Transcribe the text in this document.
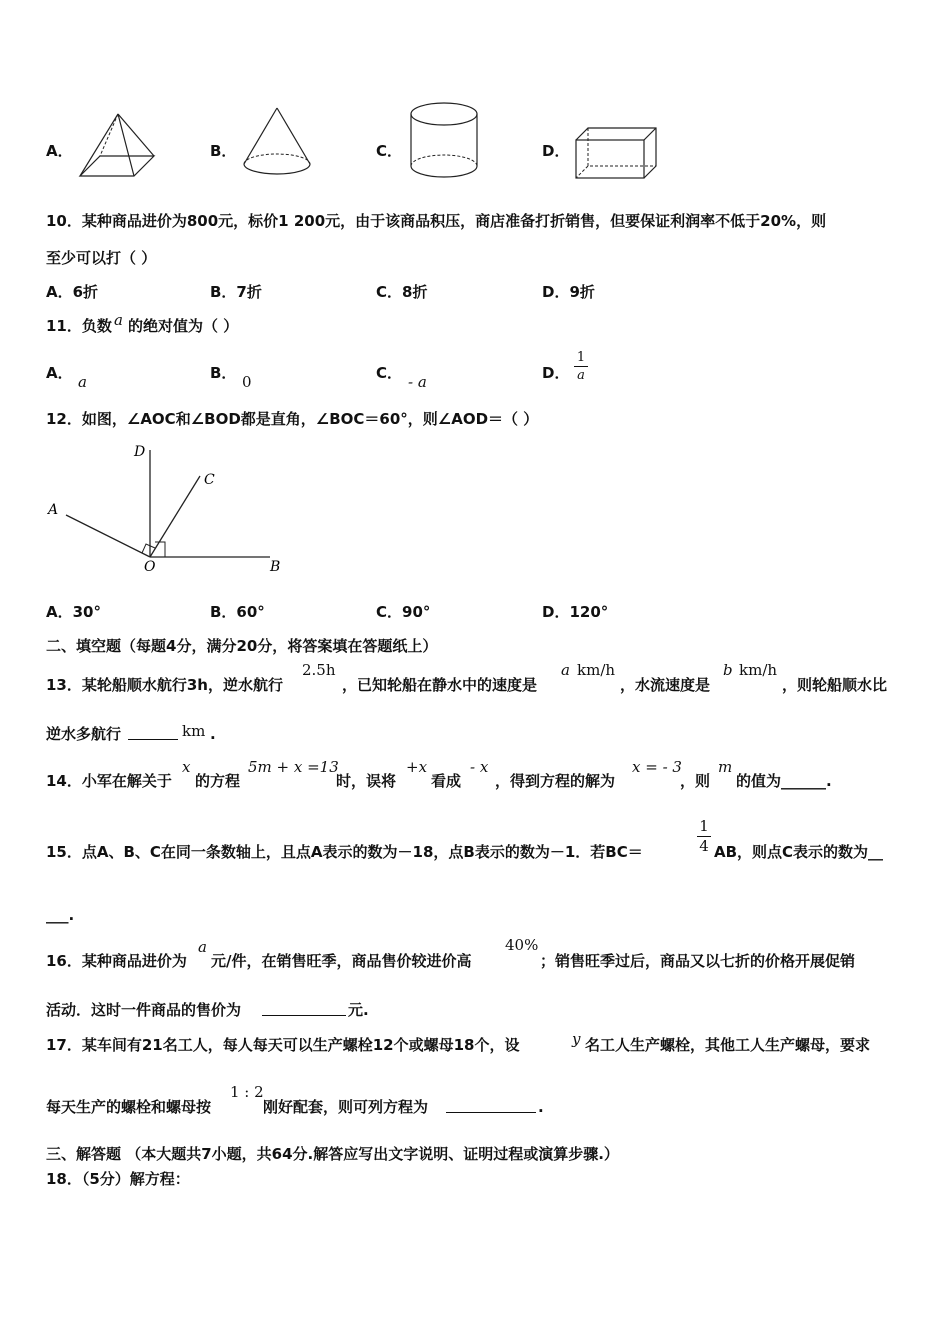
A．	B．	C．	D．
10．某种商品进价为800元，标价1 200元，由于该商品积压，商店准备打折销售，但要保证利润率不低于20%，则
至少可以打（ ）
A．6折	B．7折	C．8折	D．9折
11．负数 a 的绝对值为（ ）
A． a	B． 0	C． - a	D．
1
a
12．如图，∠AOC和∠BOD都是直角，∠BOC＝60°，则∠AOD＝（ ）
D
C
A
O	B
A．30°	B．60°	C．90°	D．120°
二、填空题（每题4分，满分20分，将答案填在答题纸上）
13．某轮船顺水航行3h，逆水航行
2.5h
，已知轮船在静水中的速度是
a km/h
，水流速度是
b km/h
，则轮船顺水比
逆水多航行	km .
14．小军在解关于
x
的方程
5m + x =13
时，误将
+x
看成
- x
，得到方程的解为
x = - 3
，则
m
的值为______.
15．点A、B、C在同一条数轴上，且点A表示的数为－18，点B表示的数为－1．若BC＝
1
4 AB，则点C表示的数为__
___.
16．某种商品进价为
a
元/件，在销售旺季，商品售价较进价高
40%
；销售旺季过后，商品又以七折的价格开展促销
活动．这时一件商品的售价为	元.
17．某车间有21名工人，每人每天可以生产螺栓12个或螺母18个，设	y 名工人生产螺栓，其他工人生产螺母，要求
每天生产的螺栓和螺母按
1 : 2
刚好配套，则可列方程为	.
三、解答题 （本大题共7小题，共64分.解答应写出文字说明、证明过程或演算步骤.）
18．（5分）解方程：
